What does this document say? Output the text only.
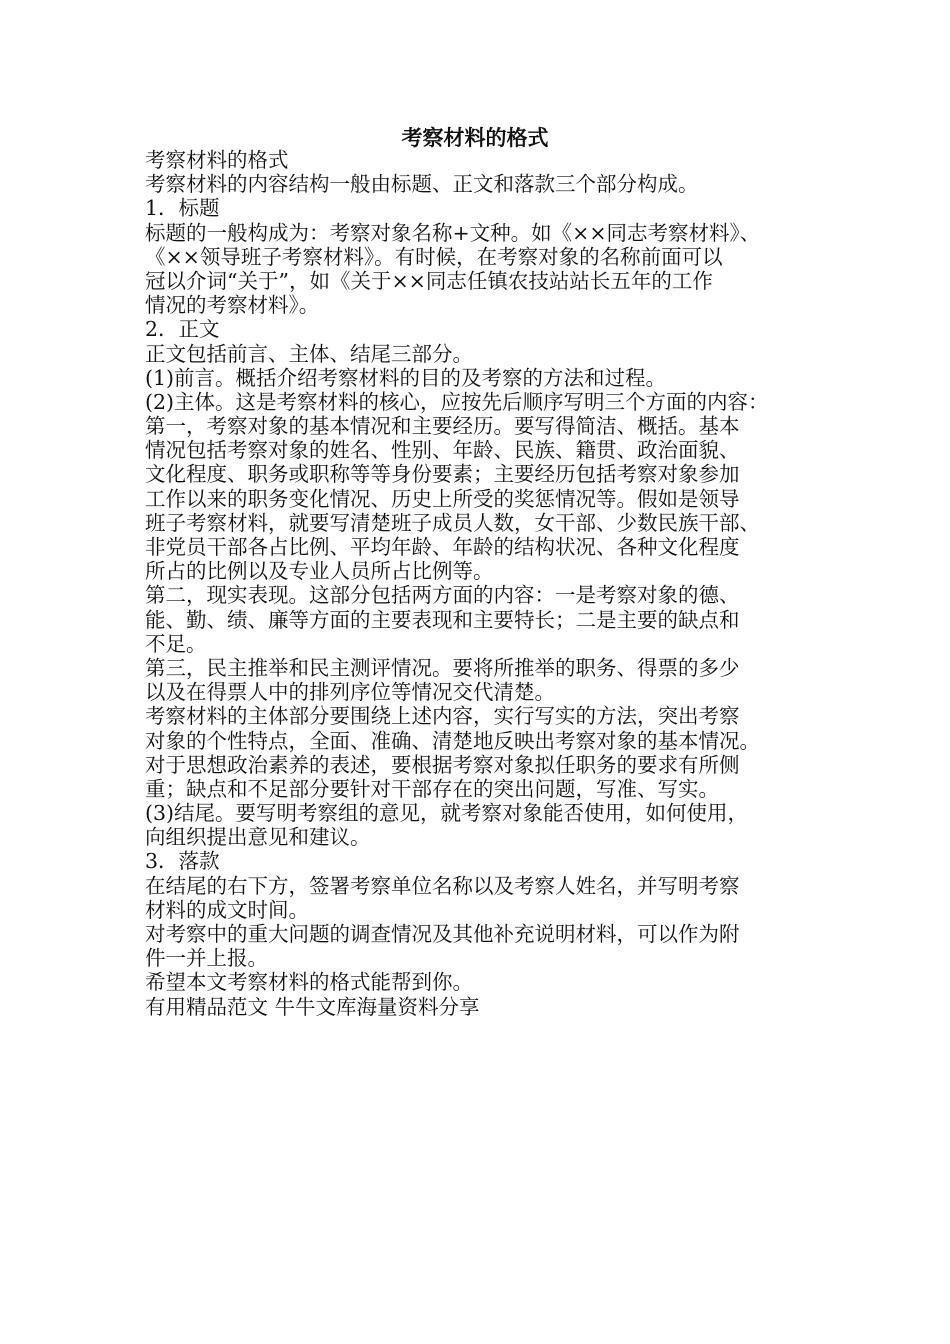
考察材料的格式
考察材料的格式
考察材料的内容结构一般由标题、正文和落款三个部分构成。
1．标题
标题的一般构成为：考察对象名称+文种。如《××同志考察材料》、
《××领导班子考察材料》。有时候，在考察对象的名称前面可以
冠以介词“关于”，如《关于××同志任镇农技站站长五年的工作
情况的考察材料》。
2．正文
正文包括前言、主体、结尾三部分。
(1)前言。概括介绍考察材料的目的及考察的方法和过程。
(2)主体。这是考察材料的核心，应按先后顺序写明三个方面的内容：
第一，考察对象的基本情况和主要经历。要写得简洁、概括。基本
情况包括考察对象的姓名、性别、年龄、民族、籍贯、政治面貌、
文化程度、职务或职称等等身份要素；主要经历包括考察对象参加
工作以来的职务变化情况、历史上所受的奖惩情况等。假如是领导
班子考察材料，就要写清楚班子成员人数，女干部、少数民族干部、
非党员干部各占比例、平均年龄、年龄的结构状况、各种文化程度
所占的比例以及专业人员所占比例等。
第二，现实表现。这部分包括两方面的内容：一是考察对象的德、
能、勤、绩、廉等方面的主要表现和主要特长；二是主要的缺点和
不足。
第三，民主推举和民主测评情况。要将所推举的职务、得票的多少
以及在得票人中的排列序位等情况交代清楚。
考察材料的主体部分要围绕上述内容，实行写实的方法，突出考察
对象的个性特点，全面、准确、清楚地反映出考察对象的基本情况。
对于思想政治素养的表述，要根据考察对象拟任职务的要求有所侧
重；缺点和不足部分要针对干部存在的突出问题，写准、写实。
(3)结尾。要写明考察组的意见，就考察对象能否使用，如何使用，
向组织提出意见和建议。
3．落款
在结尾的右下方，签署考察单位名称以及考察人姓名，并写明考察
材料的成文时间。
对考察中的重大问题的调查情况及其他补充说明材料，可以作为附
件一并上报。
希望本文考察材料的格式能帮到你。
有用精品范文 牛牛文库海量资料分享
